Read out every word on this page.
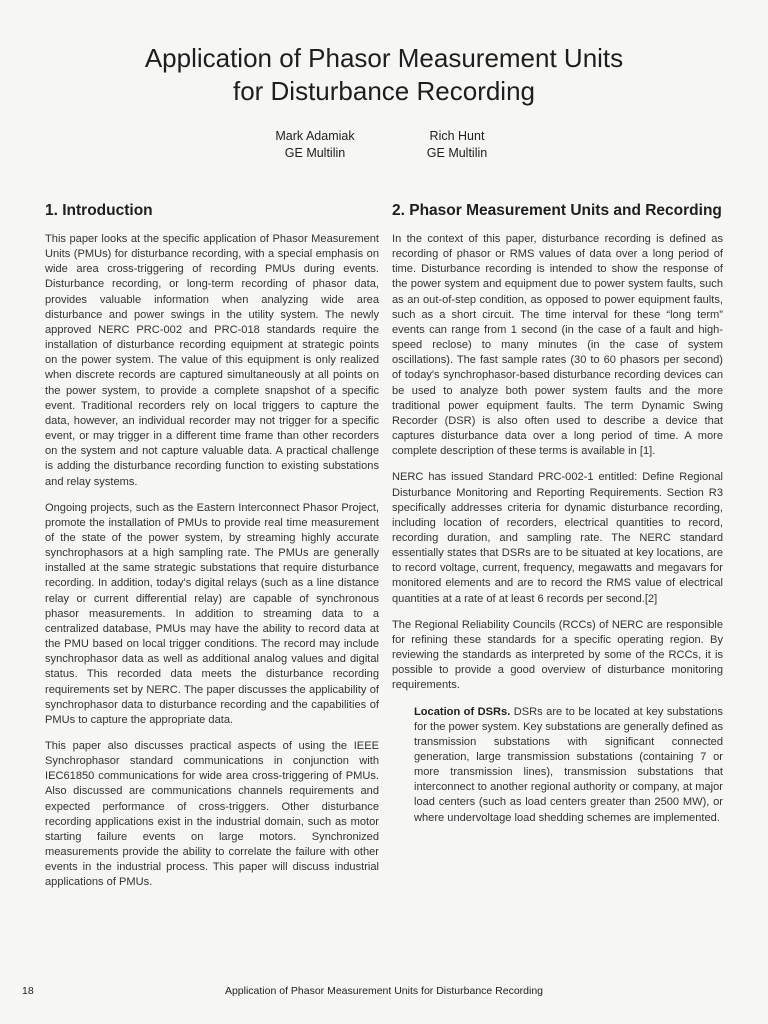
Application of Phasor Measurement Units
for Disturbance Recording
Mark Adamiak
GE Multilin
Rich Hunt
GE Multilin
1. Introduction

This paper looks at the specific application of Phasor Measurement Units (PMUs) for disturbance recording, with a special emphasis on wide area cross-triggering of recording PMUs during events. Disturbance recording, or long-term recording of phasor data, provides valuable information when analyzing wide area disturbance and power swings in the utility system. The newly approved NERC PRC-002 and PRC-018 standards require the installation of disturbance recording equipment at strategic points on the power system. The value of this equipment is only realized when discrete records are captured simultaneously at all points on the power system, to provide a complete snapshot of a specific event. Traditional recorders rely on local triggers to capture the data, however, an individual recorder may not trigger for a specific event, or may trigger in a different time frame than other recorders on the system and not capture valuable data. A practical challenge is adding the disturbance recording function to existing substations and relay systems.

Ongoing projects, such as the Eastern Interconnect Phasor Project, promote the installation of PMUs to provide real time measurement of the state of the power system, by streaming highly accurate synchrophasors at a high sampling rate. The PMUs are generally installed at the same strategic substations that require disturbance recording. In addition, today's digital relays (such as a line distance relay or current differential relay) are capable of synchronous phasor measurements. In addition to streaming data to a centralized database, PMUs may have the ability to record data at the PMU based on local trigger conditions. The record may include synchrophasor data as well as additional analog values and digital status. This recorded data meets the disturbance recording requirements set by NERC. The paper discusses the applicability of synchrophasor data to disturbance recording and the capabilities of PMUs to capture the appropriate data.

This paper also discusses practical aspects of using the IEEE Synchrophasor standard communications in conjunction with IEC61850 communications for wide area cross-triggering of PMUs. Also discussed are communications channels requirements and expected performance of cross-triggers. Other disturbance recording applications exist in the industrial domain, such as motor starting failure events on large motors. Synchronized measurements provide the ability to correlate the failure with other events in the industrial process. This paper will discuss industrial applications of PMUs.

2. Phasor Measurement Units and Recording

In the context of this paper, disturbance recording is defined as recording of phasor or RMS values of data over a long period of time. Disturbance recording is intended to show the response of the power system and equipment due to power system faults, such as an out-of-step condition, as opposed to power equipment faults, such as a short circuit. The time interval for these “long term” events can range from 1 second (in the case of a fault and high-speed reclose) to many minutes (in the case of system oscillations). The fast sample rates (30 to 60 phasors per second) of today's synchrophasor-based disturbance recording devices can be used to analyze both power system faults and the more traditional power equipment faults. The term Dynamic Swing Recorder (DSR) is also often used to describe a device that captures disturbance data over a long period of time. A more complete description of these terms is available in [1].

NERC has issued Standard PRC-002-1 entitled: Define Regional Disturbance Monitoring and Reporting Requirements. Section R3 specifically addresses criteria for dynamic disturbance recording, including location of recorders, electrical quantities to record, recording duration, and sampling rate. The NERC standard essentially states that DSRs are to be situated at key locations, are to record voltage, current, frequency, megawatts and megavars for monitored elements and are to record the RMS value of electrical quantities at a rate of at least 6 records per second.[2]

The Regional Reliability Councils (RCCs) of NERC are responsible for refining these standards for a specific operating region. By reviewing the standards as interpreted by some of the RCCs, it is possible to provide a good overview of disturbance monitoring requirements.

Location of DSRs. DSRs are to be located at key substations for the power system. Key substations are generally defined as transmission substations with significant connected generation, large transmission substations (containing 7 or more transmission lines), transmission substations that interconnect to another regional authority or company, at major load centers (such as load centers greater than 2500 MW), or where undervoltage load shedding schemes are implemented.

18	Application of Phasor Measurement Units for Disturbance Recording
